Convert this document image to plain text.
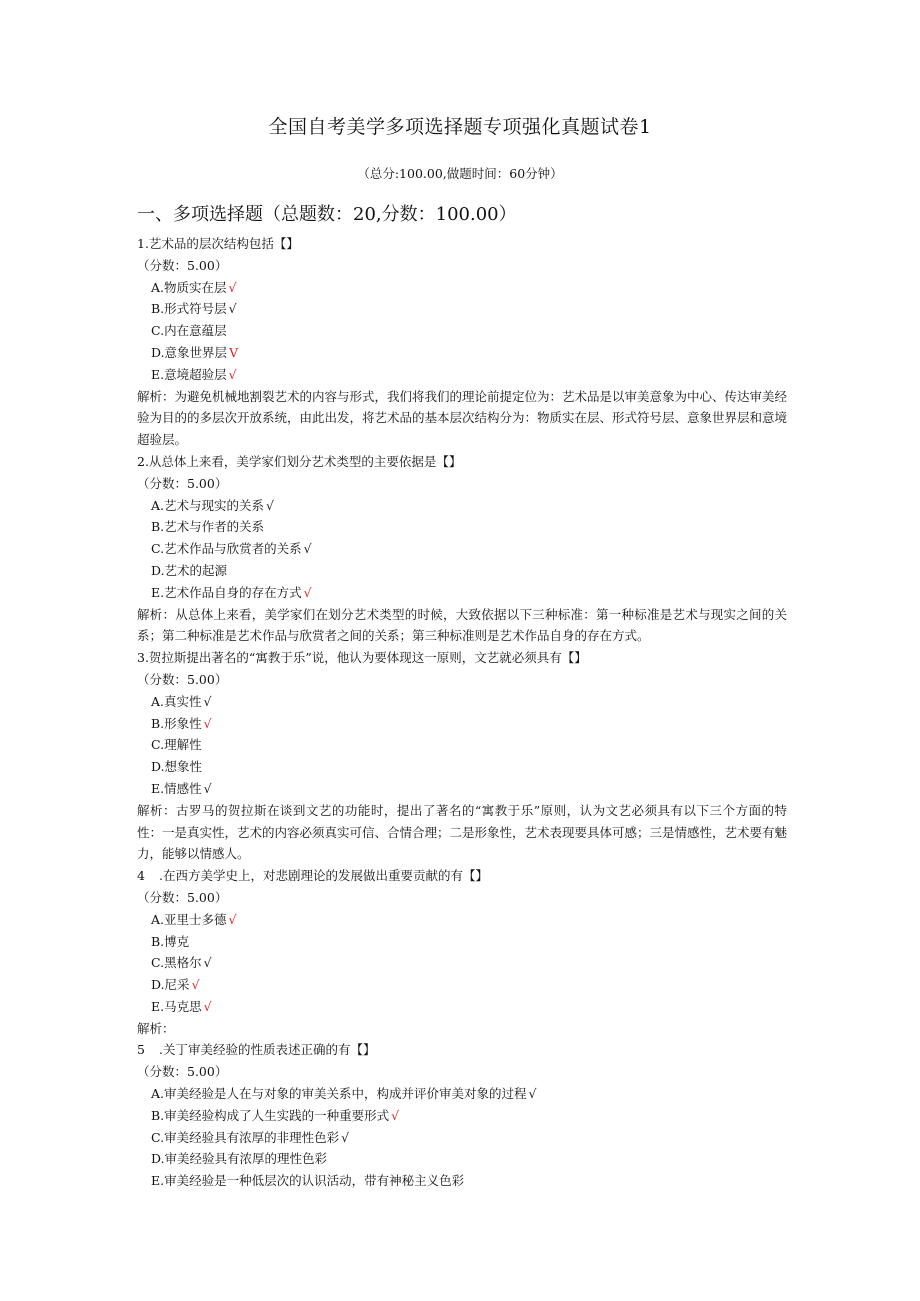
全国自考美学多项选择题专项强化真题试卷1
（总分:100.00,做题时间：60分钟）
一、多项选择题（总题数：20,分数：100.00）
1.艺术品的层次结构包括【】
（分数：5.00）
A.物质实在层 √
B.形式符号层 √
C.内在意蕴层
D.意象世界层 V
E.意境超验层 √
解析：为避免机械地割裂艺术的内容与形式，我们将我们的理论前提定位为：艺术品是以审美意象为中心、传达审美经验为目的的多层次开放系统，由此出发，将艺术品的基本层次结构分为：物质实在层、形式符号层、意象世界层和意境超验层。
2.从总体上来看，美学家们划分艺术类型的主要依据是【】
（分数：5.00）
A.艺术与现实的关系 √
B.艺术与作者的关系
C.艺术作品与欣赏者的关系 √
D.艺术的起源
E.艺术作品自身的存在方式 √
解析：从总体上来看，美学家们在划分艺术类型的时候，大致依据以下三种标准：第一种标准是艺术与现实之间的关系；第二种标准是艺术作品与欣赏者之间的关系；第三种标准则是艺术作品自身的存在方式。
3.贺拉斯提出著名的“寓教于乐”说，他认为要体现这一原则，文艺就必须具有【】
（分数：5.00）
A.真实性 √
B.形象性 √
C.理解性
D.想象性
E.情感性 √
解析：古罗马的贺拉斯在谈到文艺的功能时，提出了著名的“寓教于乐”原则，认为文艺必须具有以下三个方面的特性：一是真实性，艺术的内容必须真实可信、合情合理；二是形象性，艺术表现要具体可感；三是情感性，艺术要有魅力，能够以情感人。
4 .在西方美学史上，对悲剧理论的发展做出重要贡献的有【】
（分数：5.00）
A.亚里士多德 √
B.博克
C.黑格尔 √
D.尼采 √
E.马克思 √
解析：
5 .关丁审美经验的性质表述正确的有【】
（分数：5.00）
A.审美经验是人在与对象的审美关系中，构成并评价审美对象的过程 √
B.审美经验构成了人生实践的一种重要形式 √
C.审美经验具有浓厚的非理性色彩 √
D.审美经验具有浓厚的理性色彩
E.审美经验是一种低层次的认识活动，带有神秘主义色彩
